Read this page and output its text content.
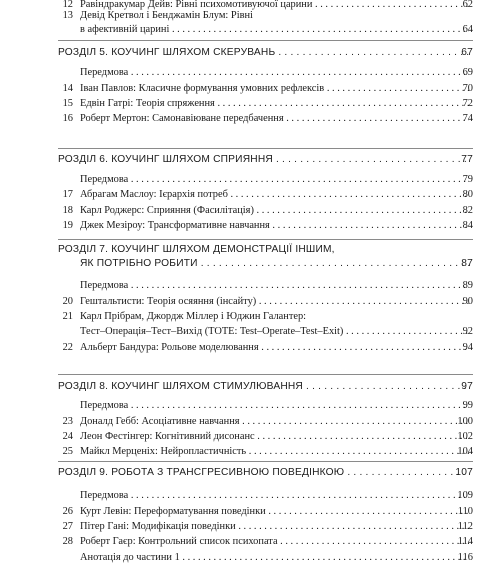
12 Равіндракумар Дейв: Рівні психомотивуючої царини . . .	62
13 Девід Кретвол і Бенджамін Блум: Рівні
в афективній царині . . .	64
РОЗДІЛ 5. КОУЧИНГ ШЛЯХОМ СКЕРУВАНЬ . . .	67
Передмова . . .	69
14 Іван Павлов: Класичне формування умовних рефлексів . . .	70
15 Едвін Гатрі: Теорія спряження . . .	72
16 Роберт Мертон: Самонавіюване передбачення . . .	74
РОЗДІЛ 6. КОУЧИНГ ШЛЯХОМ СПРИЯННЯ . . .	77
Передмова . . .	79
17 Абрагам Маслоу: Ієрархія потреб . . .	80
18 Карл Роджерс: Сприяння (Фасилітація) . . .	82
19 Джек Мезіроу: Трансформативне навчання . . .	84
РОЗДІЛ 7. КОУЧИНГ ШЛЯХОМ ДЕМОНСТРАЦІЇ ІНШИМ,
ЯК ПОТРІБНО РОБИТИ . . .	87
Передмова . . .	89
20 Гештальтисти: Теорія осяяння (інсайту) . . .	90
21 Карл Прібрам, Джордж Міллер і Юджин Галантер:
Тест–Операція–Тест–Вихід (TOTE: Test–Operate–Test–Exit) . . .	92
22 Альберт Бандура: Рольове моделювання . . .	94
РОЗДІЛ 8. КОУЧИНГ ШЛЯХОМ СТИМУЛЮВАННЯ . . .	97
Передмова . . .	99
23 Доналд Гебб: Асоціативне навчання . . .	100
24 Леон Фестінгер: Когнітивний дисонанс . . .	102
25 Майкл Мерценіх: Нейропластичність . . .	104
РОЗДІЛ 9. РОБОТА З ТРАНСГРЕСИВНОЮ ПОВЕДІНКОЮ . . .	107
Передмова . . .	109
26 Курт Левін: Переформатування поведінки . . .	110
27 Пітер Гані: Модифікація поведінки . . .	112
28 Роберт Гаєр: Контрольний список психопата . . .	114
Анотація до частини 1 . . .	116
